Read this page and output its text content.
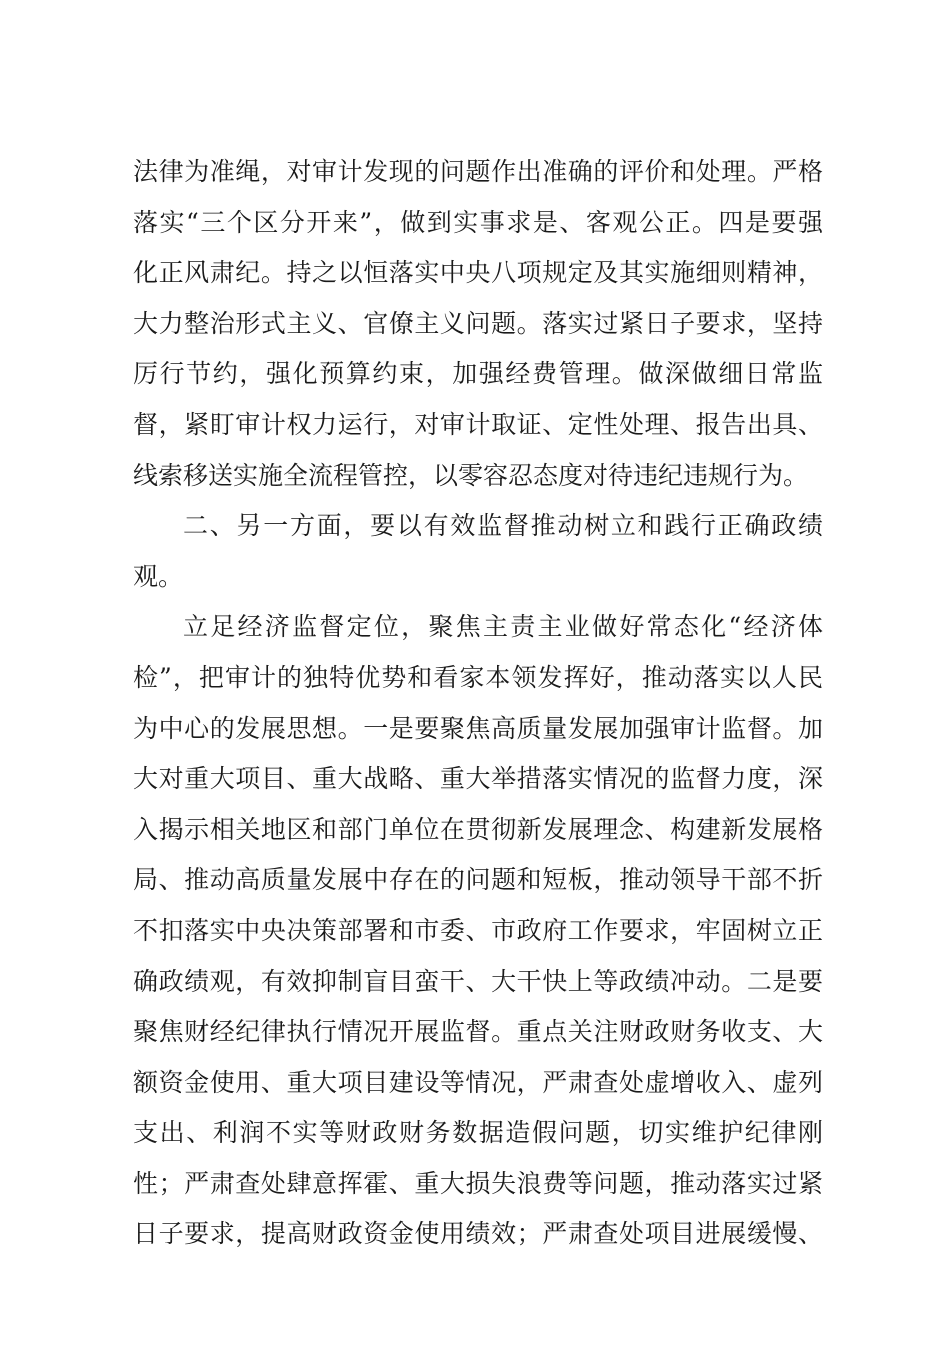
法律为准绳，对审计发现的问题作出准确的评价和处理。严格
落实“三个区分开来”，做到实事求是、客观公正。四是要强
化正风肃纪。持之以恒落实中央八项规定及其实施细则精神，
大力整治形式主义、官僚主义问题。落实过紧日子要求，坚持
厉行节约，强化预算约束，加强经费管理。做深做细日常监
督，紧盯审计权力运行，对审计取证、定性处理、报告出具、
线索移送实施全流程管控，以零容忍态度对待违纪违规行为。
二、另一方面，要以有效监督推动树立和践行正确政绩
观。
立足经济监督定位，聚焦主责主业做好常态化“经济体
检”，把审计的独特优势和看家本领发挥好，推动落实以人民
为中心的发展思想。一是要聚焦高质量发展加强审计监督。加
大对重大项目、重大战略、重大举措落实情况的监督力度，深
入揭示相关地区和部门单位在贯彻新发展理念、构建新发展格
局、推动高质量发展中存在的问题和短板，推动领导干部不折
不扣落实中央决策部署和市委、市政府工作要求，牢固树立正
确政绩观，有效抑制盲目蛮干、大干快上等政绩冲动。二是要
聚焦财经纪律执行情况开展监督。重点关注财政财务收支、大
额资金使用、重大项目建设等情况，严肃查处虚增收入、虚列
支出、利润不实等财政财务数据造假问题，切实维护纪律刚
性；严肃查处肆意挥霍、重大损失浪费等问题，推动落实过紧
日子要求，提高财政资金使用绩效；严肃查处项目进展缓慢、
